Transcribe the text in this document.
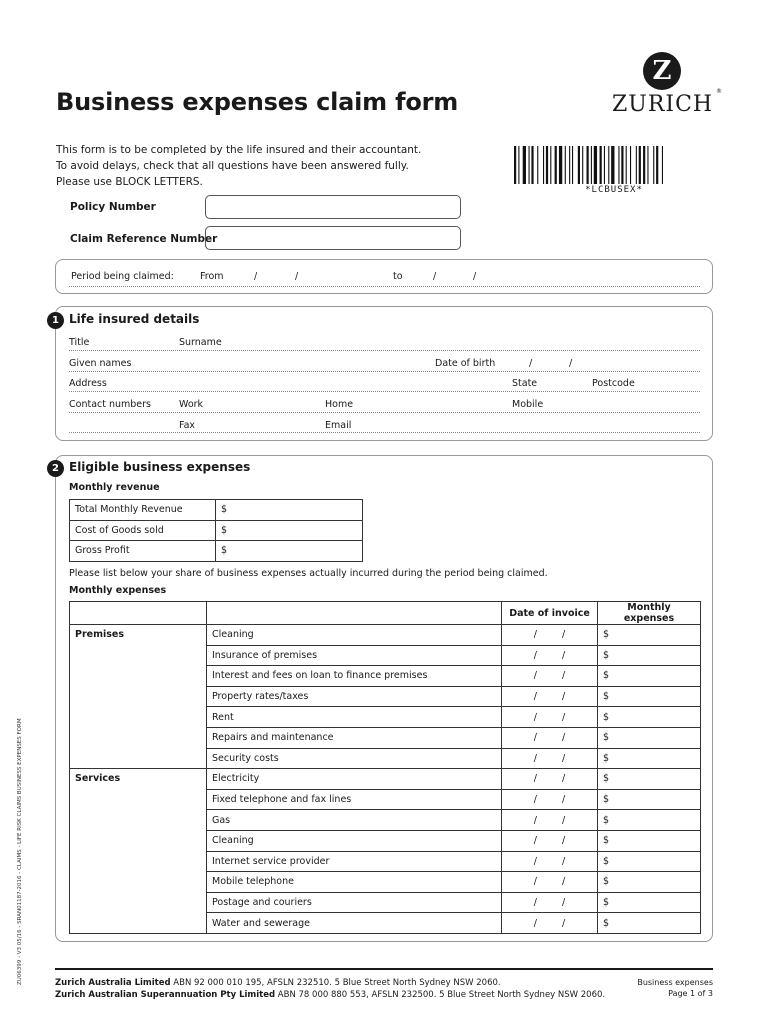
Business expenses claim form
Z
ZURICH
®
This form is to be completed by the life insured and their accountant.
To avoid delays, check that all questions have been answered fully.
Please use BLOCK LETTERS.
*LCBUSEX*
Policy Number
Claim Reference Number
Period being claimed:	From	/	/	to	/	/
1 Life insured details
Title	Surname
Given names	Date of birth	/	/
Address	State	Postcode
Contact numbers	Work	Home	Mobile
Fax	Email
2 Eligible business expenses
Monthly revenue
Total Monthly Revenue	$
Cost of Goods sold	$
Gross Profit	$
Please list below your share of business expenses actually incurred during the period being claimed.
Monthly expenses
		Date of invoice	Monthly expenses
Premises	Cleaning	/ /	$
	Insurance of premises	/ /	$
	Interest and fees on loan to finance premises	/ /	$
	Property rates/taxes	/ /	$
	Rent	/ /	$
	Repairs and maintenance	/ /	$
	Security costs	/ /	$
Services	Electricity	/ /	$
	Fixed telephone and fax lines	/ /	$
	Gas	/ /	$
	Cleaning	/ /	$
	Internet service provider	/ /	$
	Mobile telephone	/ /	$
	Postage and couriers	/ /	$
	Water and sewerage	/ /	$
Zurich Australia Limited ABN 92 000 010 195, AFSLN 232510. 5 Blue Street North Sydney NSW 2060.
Zurich Australian Superannuation Pty Limited ABN 78 000 880 553, AFSLN 232500. 5 Blue Street North Sydney NSW 2060.
Business expenses
Page 1 of 3
ZU06399 - V3 05/16 - SRAN01187-2016 - CLAIMS - LIFE RISK CLAIMS BUSINESS EXPENSES FORM
